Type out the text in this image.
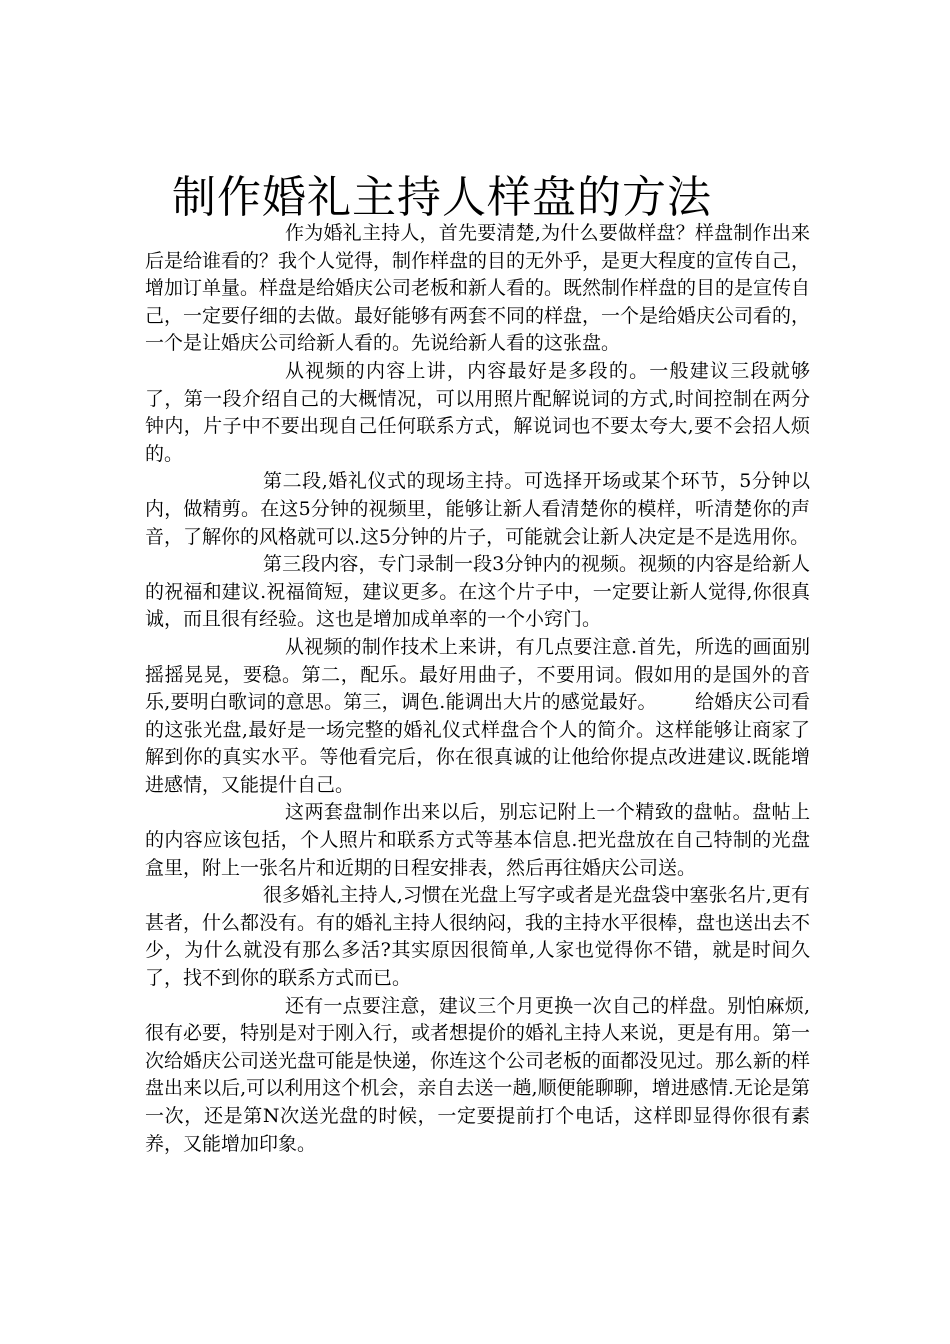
制作婚礼主持人样盘的方法

作为婚礼主持人，首先要清楚,为什么要做样盘？样盘制作出来后是给谁看的？我个人觉得，制作样盘的目的无外乎，是更大程度的宣传自己，增加订单量。样盘是给婚庆公司老板和新人看的。既然制作样盘的目的是宣传自己，一定要仔细的去做。最好能够有两套不同的样盘，一个是给婚庆公司看的，一个是让婚庆公司给新人看的。先说给新人看的这张盘。

从视频的内容上讲，内容最好是多段的。一般建议三段就够了，第一段介绍自己的大概情况，可以用照片配解说词的方式,时间控制在两分钟内，片子中不要出现自己任何联系方式，解说词也不要太夸大,要不会招人烦的。

第二段,婚礼仪式的现场主持。可选择开场或某个环节，5分钟以内，做精剪。在这5分钟的视频里，能够让新人看清楚你的模样，听清楚你的声音，了解你的风格就可以.这5分钟的片子，可能就会让新人决定是不是选用你。

第三段内容，专门录制一段3分钟内的视频。视频的内容是给新人的祝福和建议.祝福简短，建议更多。在这个片子中，一定要让新人觉得,你很真诚，而且很有经验。这也是增加成单率的一个小窍门。

从视频的制作技术上来讲，有几点要注意.首先，所选的画面别摇摇晃晃，要稳。第二，配乐。最好用曲子，不要用词。假如用的是国外的音乐,要明白歌词的意思。第三，调色.能调出大片的感觉最好。 给婚庆公司看的这张光盘,最好是一场完整的婚礼仪式样盘合个人的简介。这样能够让商家了解到你的真实水平。等他看完后，你在很真诚的让他给你提点改进建议.既能增进感情，又能提什自己。

这两套盘制作出来以后，别忘记附上一个精致的盘帖。盘帖上的内容应该包括，个人照片和联系方式等基本信息.把光盘放在自己特制的光盘盒里，附上一张名片和近期的日程安排表，然后再往婚庆公司送。

很多婚礼主持人,习惯在光盘上写字或者是光盘袋中塞张名片,更有甚者，什么都没有。有的婚礼主持人很纳闷，我的主持水平很棒，盘也送出去不少，为什么就没有那么多活?其实原因很简单,人家也觉得你不错，就是时间久了，找不到你的联系方式而已。

还有一点要注意，建议三个月更换一次自己的样盘。别怕麻烦,很有必要，特别是对于刚入行，或者想提价的婚礼主持人来说，更是有用。第一次给婚庆公司送光盘可能是快递，你连这个公司老板的面都没见过。那么新的样盘出来以后,可以利用这个机会，亲自去送一趟,顺便能聊聊，增进感情.无论是第一次，还是第N次送光盘的时候，一定要提前打个电话，这样即显得你很有素养，又能增加印象。
